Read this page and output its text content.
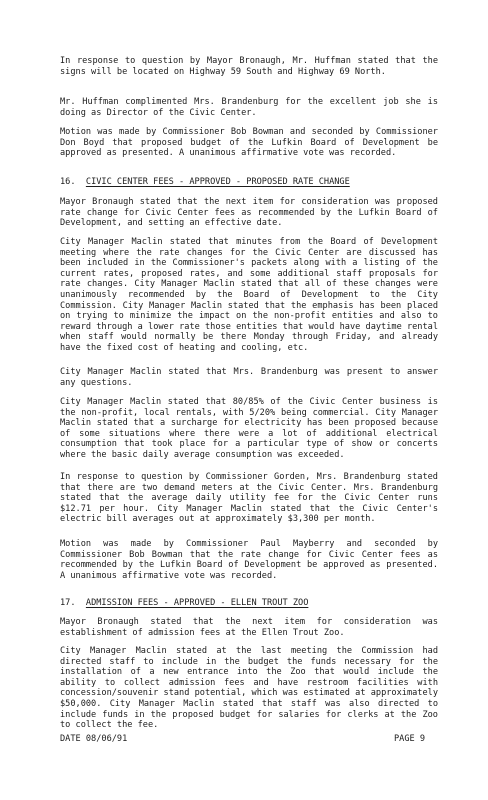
In response to question by Mayor Bronaugh, Mr. Huffman stated that the signs will be located on Highway 59 South and Highway 69 North.

Mr. Huffman complimented Mrs. Brandenburg for the excellent job she is doing as Director of the Civic Center.

Motion was made by Commissioner Bob Bowman and seconded by Commissioner Don Boyd that proposed budget of the Lufkin Board of Development be approved as presented. A unanimous affirmative vote was recorded.

16. CIVIC CENTER FEES - APPROVED - PROPOSED RATE CHANGE

Mayor Bronaugh stated that the next item for consideration was proposed rate change for Civic Center fees as recommended by the Lufkin Board of Development, and setting an effective date.

City Manager Maclin stated that minutes from the Board of Development meeting where the rate changes for the Civic Center are discussed has been included in the Commissioner's packets along with a listing of the current rates, proposed rates, and some additional staff proposals for rate changes. City Manager Maclin stated that all of these changes were unanimously recommended by the Board of Development to the City Commission. City Manager Maclin stated that the emphasis has been placed on trying to minimize the impact on the non-profit entities and also to reward through a lower rate those entities that would have daytime rental when staff would normally be there Monday through Friday, and already have the fixed cost of heating and cooling, etc.

City Manager Maclin stated that Mrs. Brandenburg was present to answer any questions.

City Manager Maclin stated that 80/85% of the Civic Center business is the non-profit, local rentals, with 5/20% being commercial. City Manager Maclin stated that a surcharge for electricity has been proposed because of some situations where there were a lot of additional electrical consumption that took place for a particular type of show or concerts where the basic daily average consumption was exceeded.

In response to question by Commissioner Gorden, Mrs. Brandenburg stated that there are two demand meters at the Civic Center. Mrs. Brandenburg stated that the average daily utility fee for the Civic Center runs $12.71 per hour. City Manager Maclin stated that the Civic Center's electric bill averages out at approximately $3,300 per month.

Motion was made by Commissioner Paul Mayberry and seconded by Commissioner Bob Bowman that the rate change for Civic Center fees as recommended by the Lufkin Board of Development be approved as presented. A unanimous affirmative vote was recorded.

17. ADMISSION FEES - APPROVED - ELLEN TROUT ZOO

Mayor Bronaugh stated that the next item for consideration was establishment of admission fees at the Ellen Trout Zoo.

City Manager Maclin stated at the last meeting the Commission had directed staff to include in the budget the funds necessary for the installation of a new entrance into the Zoo that would include the ability to collect admission fees and have restroom facilities with concession/souvenir stand potential, which was estimated at approximately $50,000. City Manager Maclin stated that staff was also directed to include funds in the proposed budget for salaries for clerks at the Zoo to collect the fee.

DATE 08/06/91	PAGE 9
